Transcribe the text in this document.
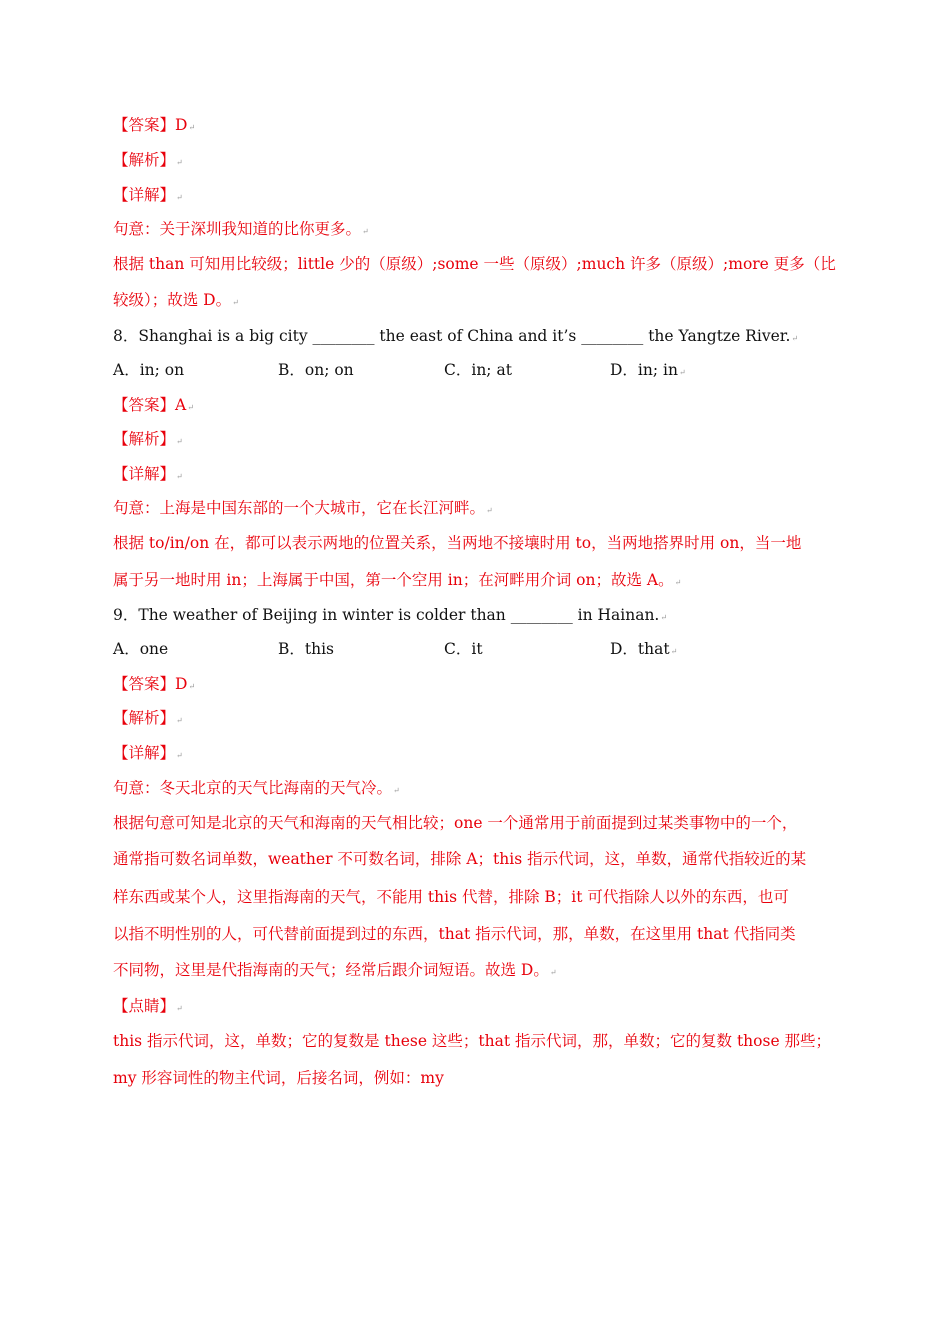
【答案】D↵
【解析】↵
【详解】↵
句意：关于深圳我知道的比你更多。↵
根据 than 可知用比较级；little 少的（原级）;some 一些（原级）;much 许多（原级）;more 更多（比
较级）；故选 D。↵
8．Shanghai is a big city ________ the east of China and it’s ________ the Yangtze River.↵
A．in; on	B．on; on	C．in; at	D．in; in↵
【答案】A↵
【解析】↵
【详解】↵
句意：上海是中国东部的一个大城市，它在长江河畔。↵
根据 to/in/on 在，都可以表示两地的位置关系，当两地不接壤时用 to，当两地搭界时用 on，当一地
属于另一地时用 in；上海属于中国，第一个空用 in；在河畔用介词 on；故选 A。↵
9．The weather of Beijing in winter is colder than ________ in Hainan.↵
A．one	B．this	C．it	D．that↵
【答案】D↵
【解析】↵
【详解】↵
句意：冬天北京的天气比海南的天气冷。↵
根据句意可知是北京的天气和海南的天气相比较；one 一个通常用于前面提到过某类事物中的一个，
通常指可数名词单数，weather 不可数名词，排除 A；this 指示代词，这，单数，通常代指较近的某
样东西或某个人，这里指海南的天气，不能用 this 代替，排除 B；it 可代指除人以外的东西，也可
以指不明性别的人，可代替前面提到过的东西，that 指示代词，那，单数，在这里用 that 代指同类
不同物，这里是代指海南的天气；经常后跟介词短语。故选 D。↵
【点睛】↵
this 指示代词，这，单数；它的复数是 these 这些；that 指示代词，那，单数；它的复数 those 那些；
my 形容词性的物主代词，后接名词，例如：my
